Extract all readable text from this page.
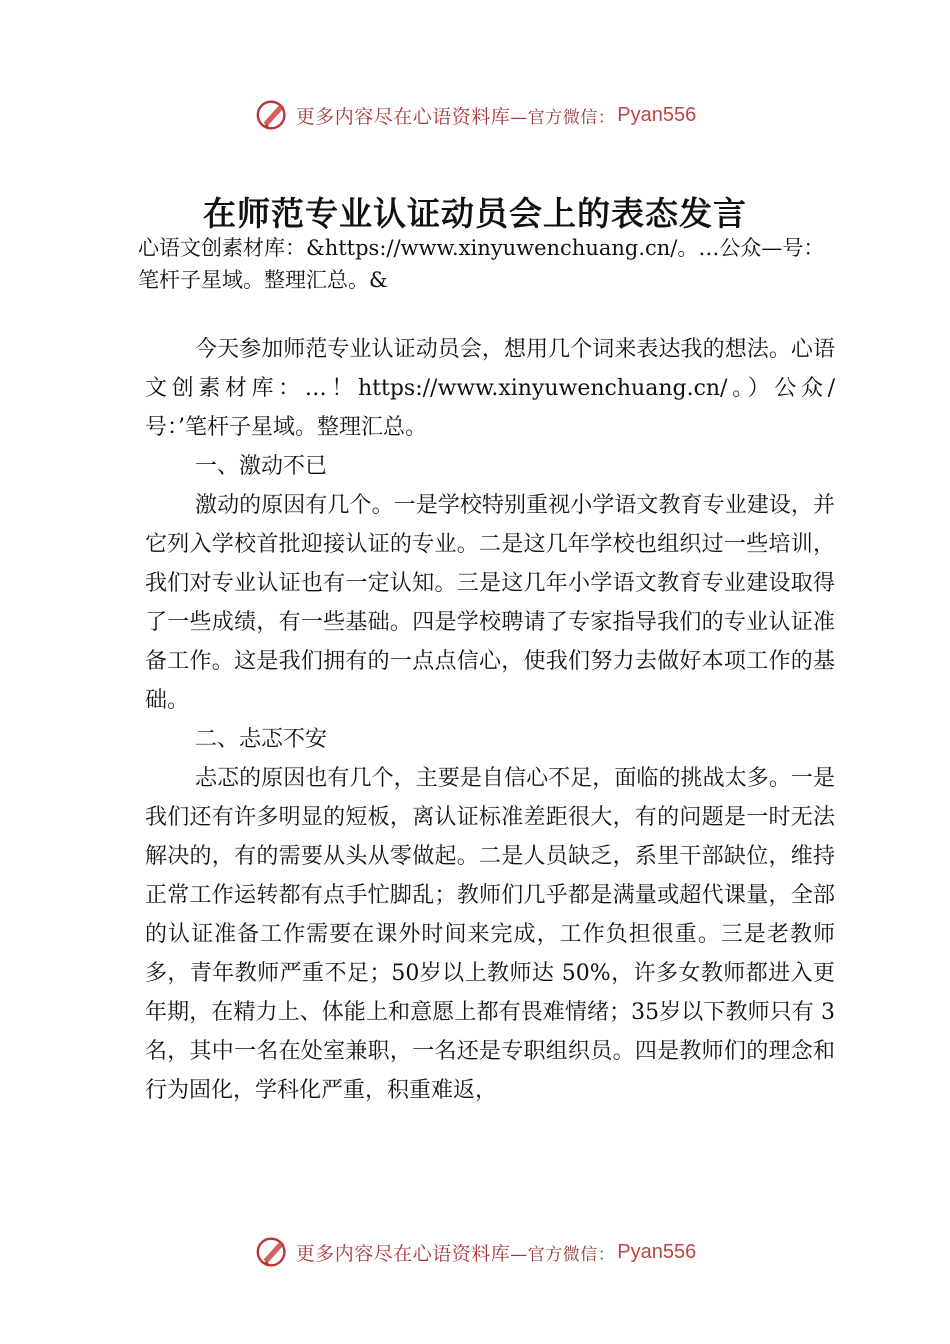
更多内容尽在心语资料库 —官方微信： Pyan556
在师范专业认证动员会上的表态发言

心语文创素材库：&https://www.xinyuwenchuang.cn/。…公众—号：笔杆子星域。整理汇总。&

今天参加师范专业认证动员会，想用几个词来表达我的想法。心语文创素材库：…！https://www.xinyuwenchuang.cn/。）公众/号：’笔杆子星域。整理汇总。

一、激动不已

激动的原因有几个。一是学校特别重视小学语文教育专业建设，并它列入学校首批迎接认证的专业。二是这几年学校也组织过一些培训，我们对专业认证也有一定认知。三是这几年小学语文教育专业建设取得了一些成绩，有一些基础。四是学校聘请了专家指导我们的专业认证准备工作。这是我们拥有的一点点信心，使我们努力去做好本项工作的基础。

二、忐忑不安

忐忑的原因也有几个，主要是自信心不足，面临的挑战太多。一是我们还有许多明显的短板，离认证标准差距很大，有的问题是一时无法解决的，有的需要从头从零做起。二是人员缺乏，系里干部缺位，维持正常工作运转都有点手忙脚乱；教师们几乎都是满量或超代课量，全部的认证准备工作需要在课外时间来完成，工作负担很重。三是老教师多，青年教师严重不足；50岁以上教师达 50%，许多女教师都进入更年期，在精力上、体能上和意愿上都有畏难情绪；35岁以下教师只有 3名，其中一名在处室兼职，一名还是专职组织员。四是教师们的理念和行为固化，学科化严重，积重难返，

更多内容尽在心语资料库 —官方微信： Pyan556
